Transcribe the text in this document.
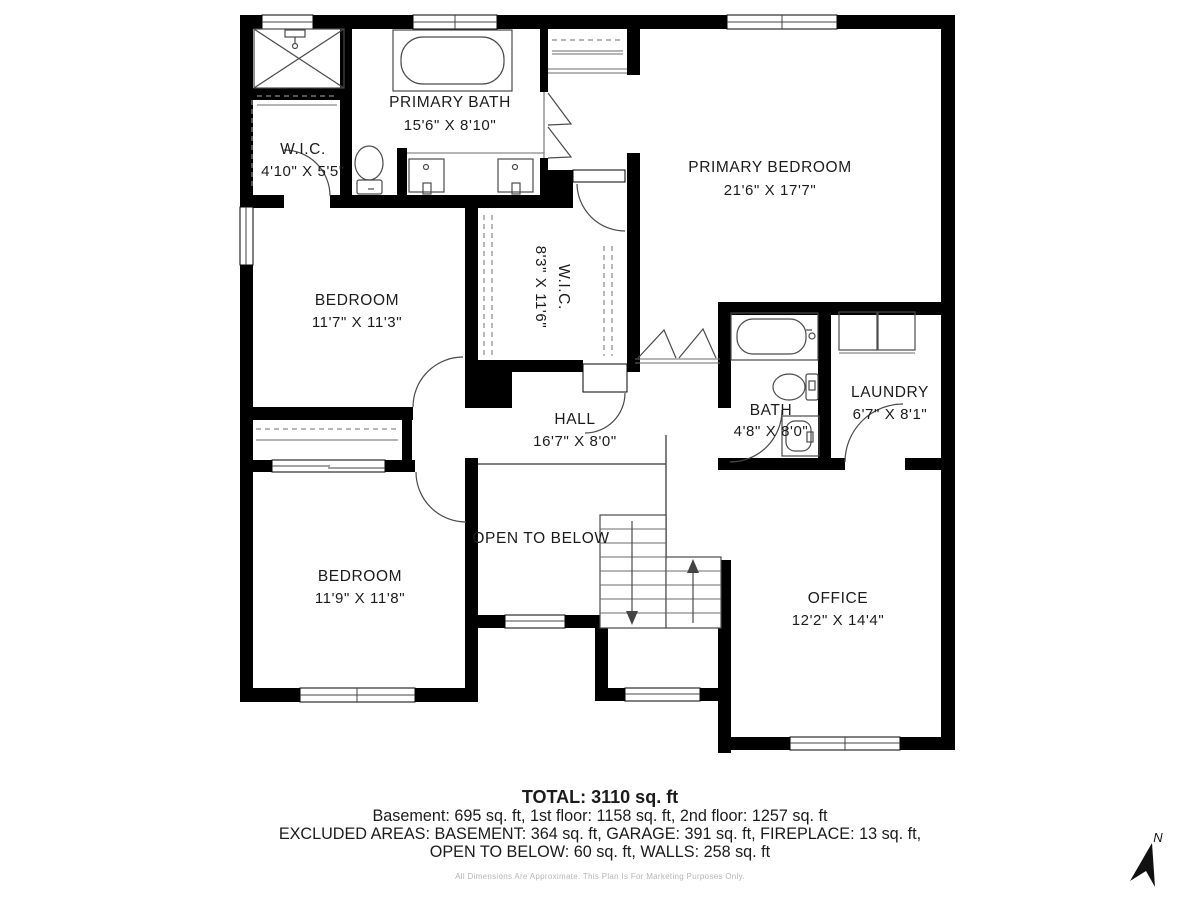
PRIMARY BATH
15'6" X 8'10"
W.I.C.
4'10" X 5'5"	PRIMARY BEDROOM
21'6" X 17'7"
BEDROOM
11'7" X 11'3"
W.I.C.
8'3" X 11'6"
HALL
16'7" X 8'0"
BATH
4'8" X 8'0"
LAUNDRY
6'7" X 8'1"
OPEN TO BELOW
BEDROOM
11'9" X 11'8"	OFFICE
12'2" X 14'4"
N
TOTAL: 3110 sq. ft
Basement: 695 sq. ft, 1st floor: 1158 sq. ft, 2nd floor: 1257 sq. ft
EXCLUDED AREAS: BASEMENT: 364 sq. ft, GARAGE: 391 sq. ft, FIREPLACE: 13 sq. ft,
OPEN TO BELOW: 60 sq. ft, WALLS: 258 sq. ft
All Dimensions Are Approximate. This Plan Is For Marketing Purposes Only.
